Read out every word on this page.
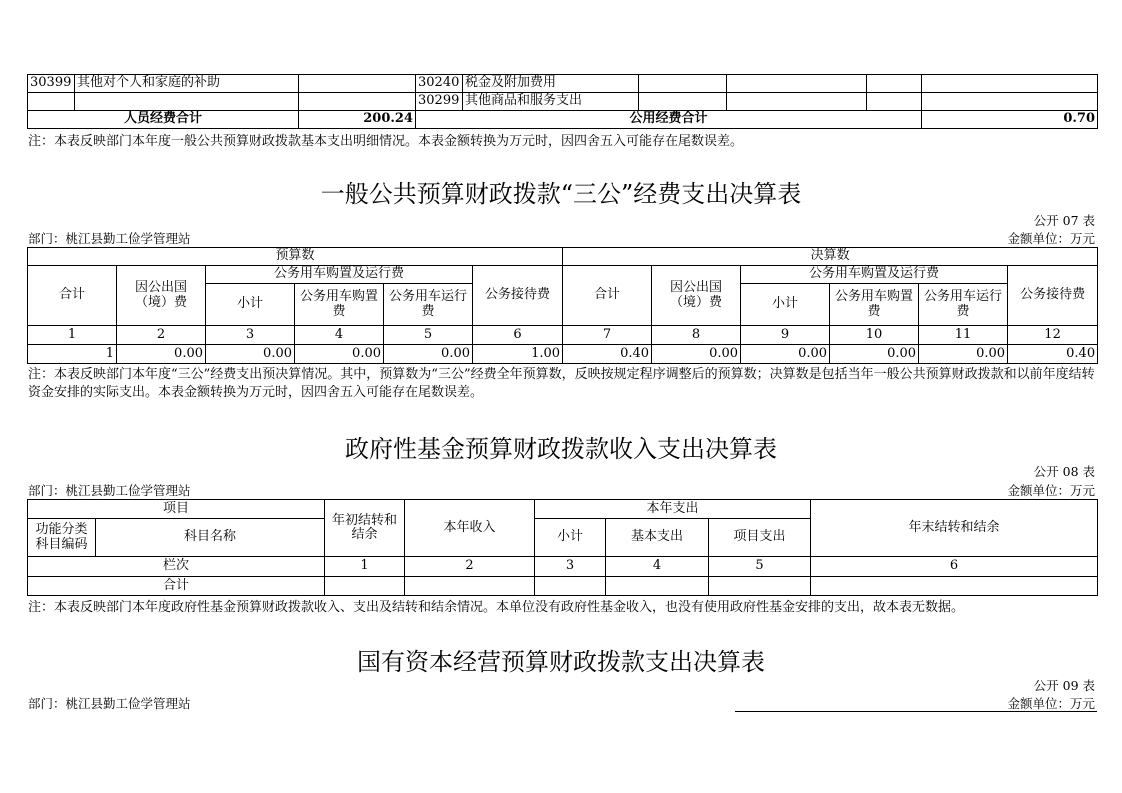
30399	其他对个人和家庭的补助		30240	税金及附加费用				
			30299	其他商品和服务支出				
人员经费合计		200.24	公用经费合计					0.70
注：本表反映部门本年度一般公共预算财政拨款基本支出明细情况。本表金额转换为万元时，因四舍五入可能存在尾数误差。
一般公共预算财政拨款“三公”经费支出决算表
公开 07 表
部门：桃江县勤工俭学管理站	金额单位：万元
预算数						决算数					
合计	因公出国（境）费	公务用车购置及运行费			公务接待费	合计	因公出国（境）费	公务用车购置及运行费			公务接待费
		小计	公务用车购置费	公务用车运行费				小计	公务用车购置费	公务用车运行费	
1	2	3	4	5	6	7	8	9	10	11	12
1	0.00	0.00	0.00	0.00	1.00	0.40	0.00	0.00	0.00	0.00	0.40
注：本表反映部门本年度“三公”经费支出预决算情况。其中，预算数为“三公”经费全年预算数，反映按规定程序调整后的预算数；决算数是包括当年一般公共预算财政拨款和以前年度结转资金安排的实际支出。本表金额转换为万元时，因四舍五入可能存在尾数误差。
政府性基金预算财政拨款收入支出决算表
公开 08 表
部门：桃江县勤工俭学管理站	金额单位：万元
项目		年初结转和结余	本年收入	本年支出			年末结转和结余
功能分类科目编码	科目名称			小计	基本支出	项目支出	
栏次		1	2	3	4	5	6
合计							
注：本表反映部门本年度政府性基金预算财政拨款收入、支出及结转和结余情况。本单位没有政府性基金收入，也没有使用政府性基金安排的支出，故本表无数据。
国有资本经营预算财政拨款支出决算表
公开 09 表
部门：桃江县勤工俭学管理站	金额单位：万元
